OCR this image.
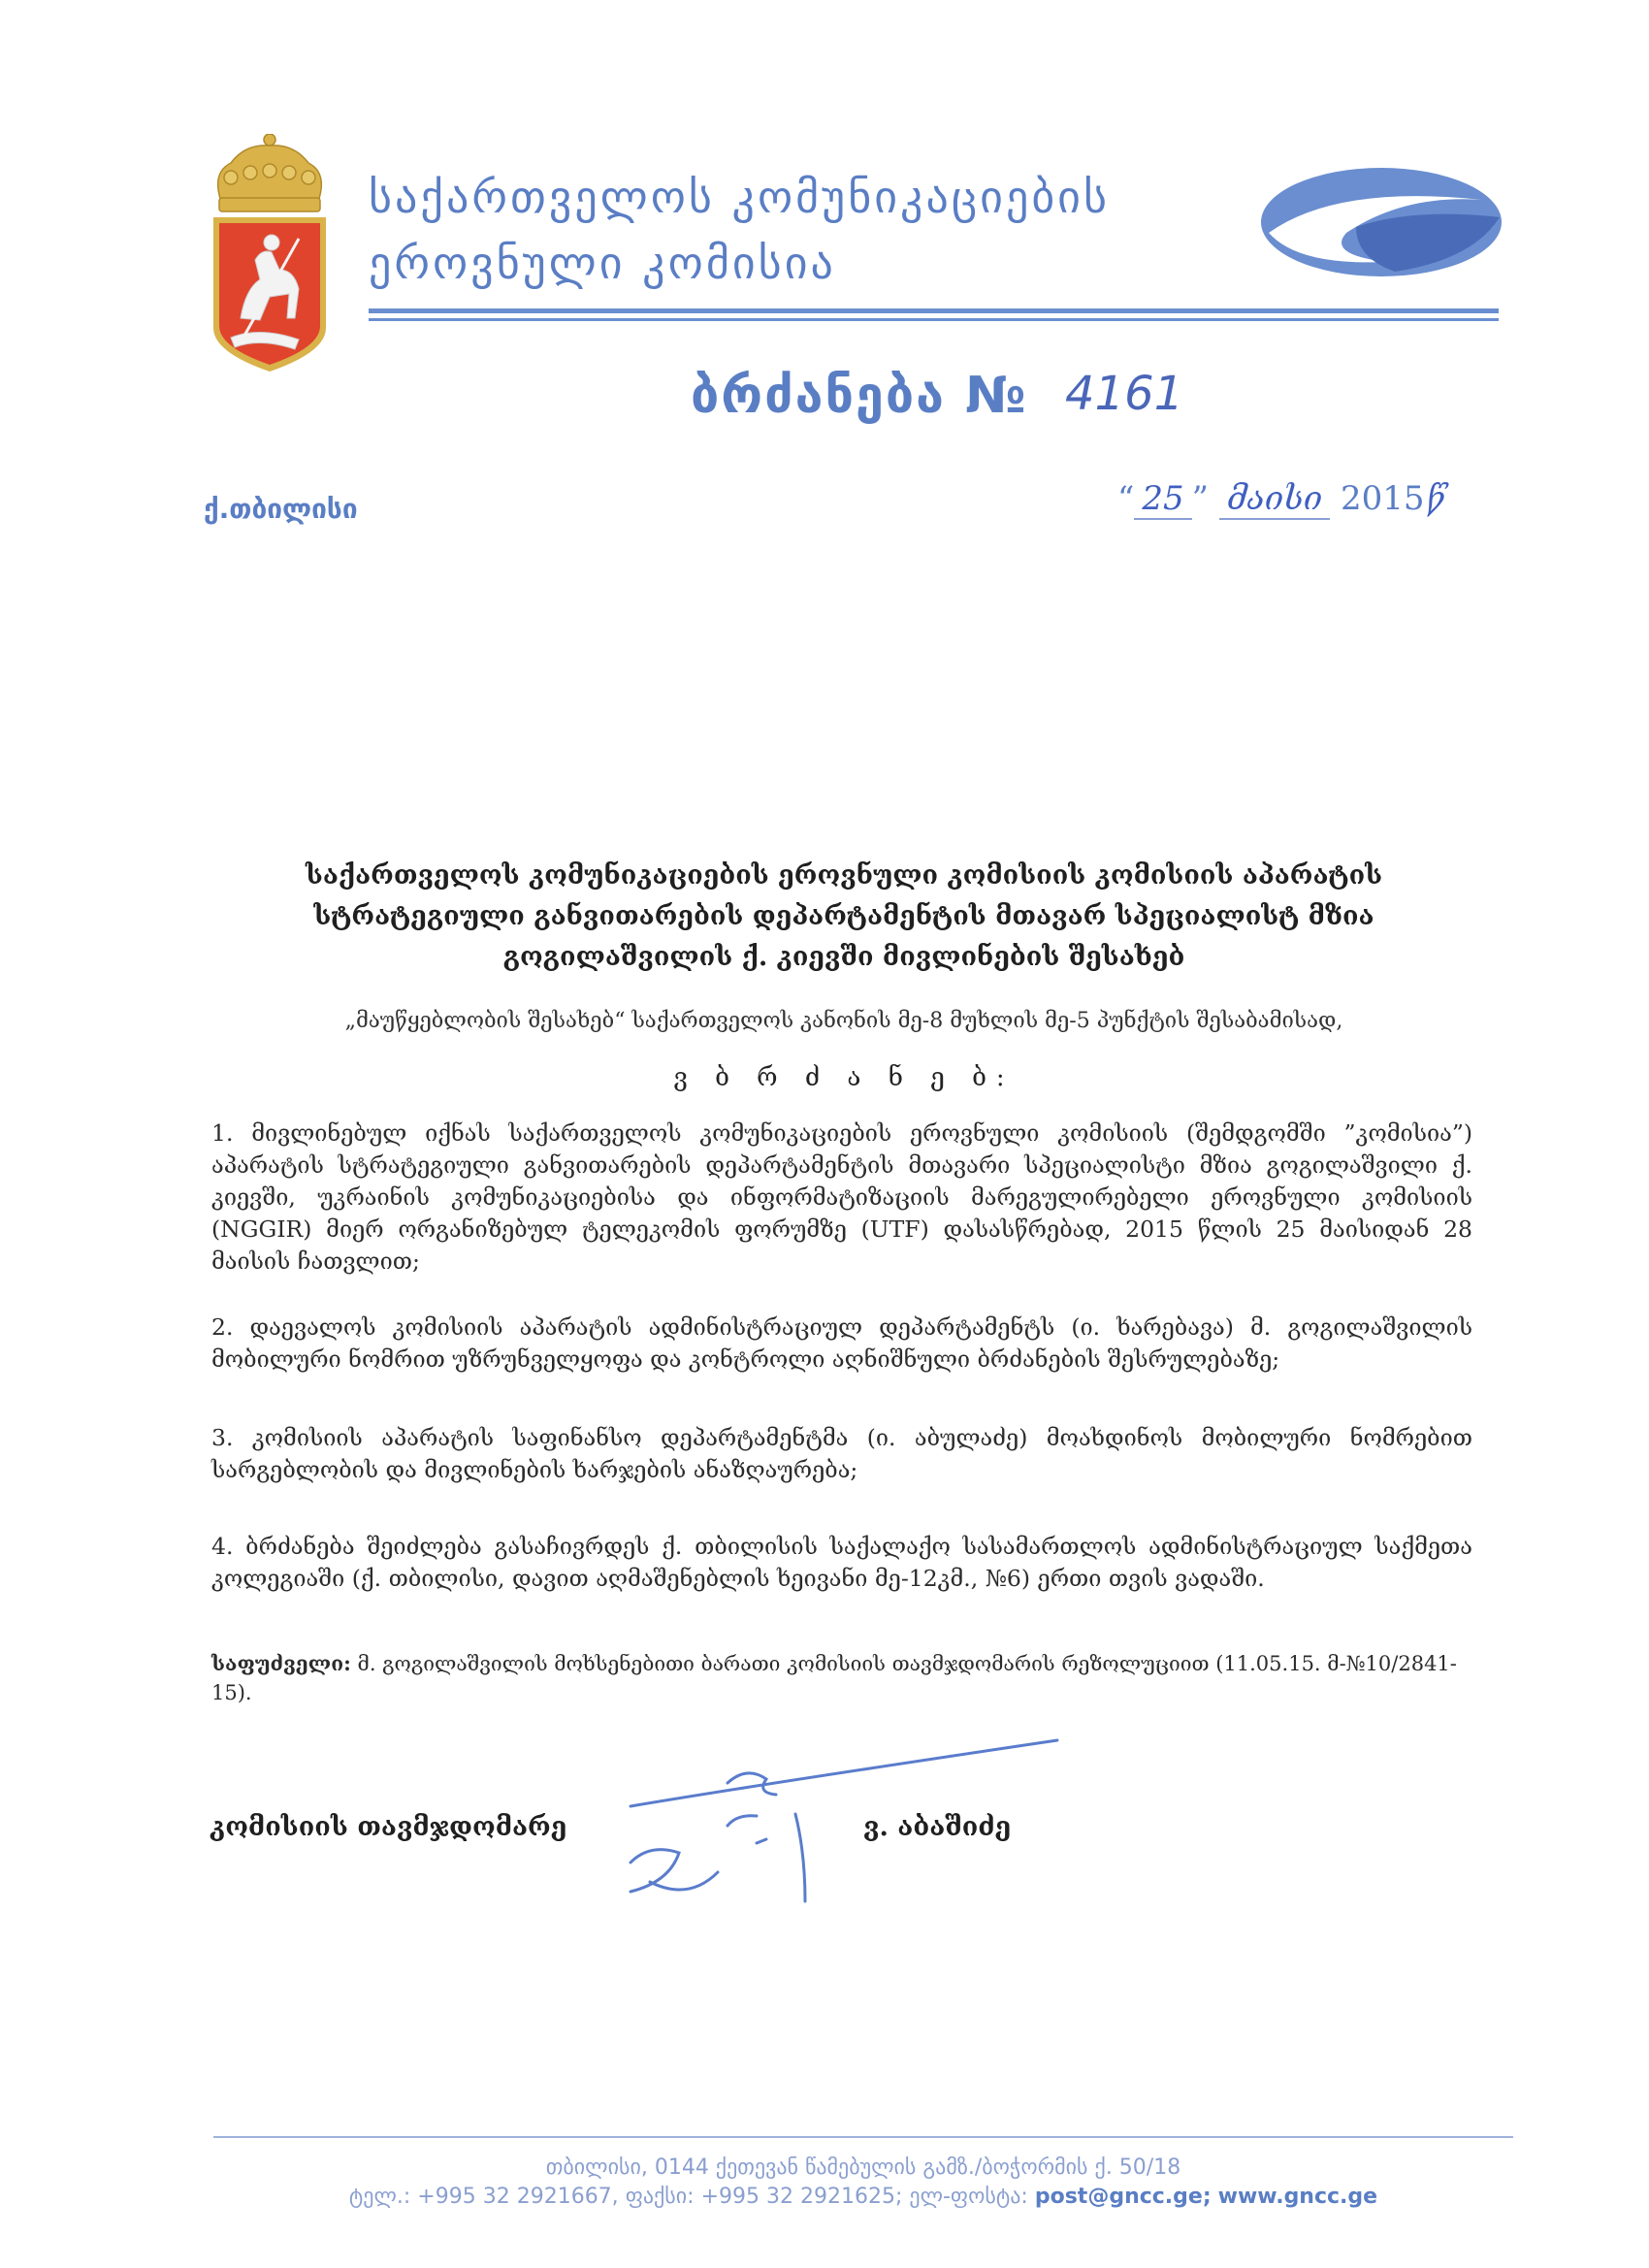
საქართველოს კომუნიკაციების
ეროვნული კომისია
ბრძანება № 4161
ქ.თბილისი	“ 25 ” მაისი 2015წ
საქართველოს კომუნიკაციების ეროვნული კომისიის კომისიის აპარატის
სტრატეგიული განვითარების დეპარტამენტის მთავარ სპეციალისტ მზია
გოგილაშვილის ქ. კიევში მივლინების შესახებ
„მაუწყებლობის შესახებ“ საქართველოს კანონის მე-8 მუხლის მე-5 პუნქტის შესაბამისად,
ვ ბ რ ძ ა ნ ე ბ:
1. მივლინებულ იქნას საქართველოს კომუნიკაციების ეროვნული კომისიის (შემდგომში ”კომისია”) აპარატის სტრატეგიული განვითარების დეპარტამენტის მთავარი სპეციალისტი მზია გოგილაშვილი ქ. კიევში, უკრაინის კომუნიკაციებისა და ინფორმატიზაციის მარეგულირებელი ეროვნული კომისიის (NGGIR) მიერ ორგანიზებულ ტელეკომის ფორუმზე (UTF) დასასწრებად, 2015 წლის 25 მაისიდან 28 მაისის ჩათვლით;
2. დაევალოს კომისიის აპარატის ადმინისტრაციულ დეპარტამენტს (ი. ხარებავა) მ. გოგილაშვილის მობილური ნომრით უზრუნველყოფა და კონტროლი აღნიშნული ბრძანების შესრულებაზე;
3. კომისიის აპარატის საფინანსო დეპარტამენტმა (ი. აბულაძე) მოახდინოს მობილური ნომრებით სარგებლობის და მივლინების ხარჯების ანაზღაურება;
4. ბრძანება შეიძლება გასაჩივრდეს ქ. თბილისის საქალაქო სასამართლოს ადმინისტრაციულ საქმეთა კოლეგიაში (ქ. თბილისი, დავით აღმაშენებლის ხეივანი მე-12კმ., №6) ერთი თვის ვადაში.
საფუძველი: მ. გოგილაშვილის მოხსენებითი ბარათი კომისიის თავმჯდომარის რეზოლუციით (11.05.15. მ-№10/2841-15).
კომისიის თავმჯდომარე	ვ. აბაშიძე
თბილისი, 0144 ქეთევან წამებულის გამზ./ბოჭორმის ქ. 50/18
ტელ.: +995 32 2921667, ფაქსი: +995 32 2921625; ელ-ფოსტა: post@gncc.ge; www.gncc.ge
